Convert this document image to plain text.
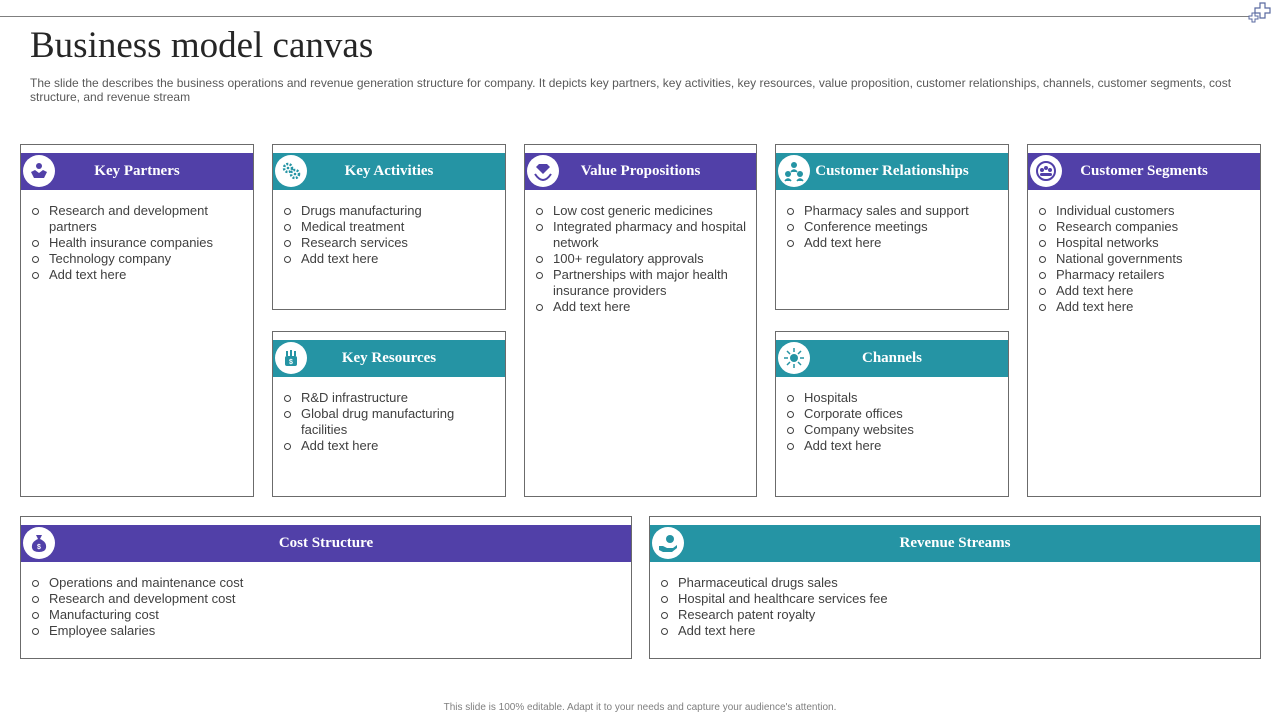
Business model canvas

The slide the describes the business operations and revenue generation structure for company. It depicts key partners, key activities, key resources, value proposition, customer relationships, channels, customer segments, cost structure, and revenue stream

Key Partners
Research and development partners
Health insurance companies
Technology company
Add text here
Key Activities
Drugs manufacturing
Medical treatment
Research services
Add text here
Value Propositions
Low cost generic medicines
Integrated pharmacy and hospital network
100+ regulatory approvals
Partnerships with major health insurance providers
Add text here
Customer Relationships
Pharmacy sales and support
Conference meetings
Add text here
Customer Segments
Individual customers
Research companies
Hospital networks
National governments
Pharmacy retailers
Add text here
Add text here
$	Key Resources
R&D infrastructure
Global drug manufacturing facilities
Add text here
Channels
Hospitals
Corporate offices
Company websites
Add text here
$	Cost Structure
Operations and maintenance cost
Research and development cost
Manufacturing cost
Employee salaries
Revenue Streams
Pharmaceutical drugs sales
Hospital and healthcare services fee
Research patent royalty
Add text here
This slide is 100% editable. Adapt it to your needs and capture your audience's attention.
